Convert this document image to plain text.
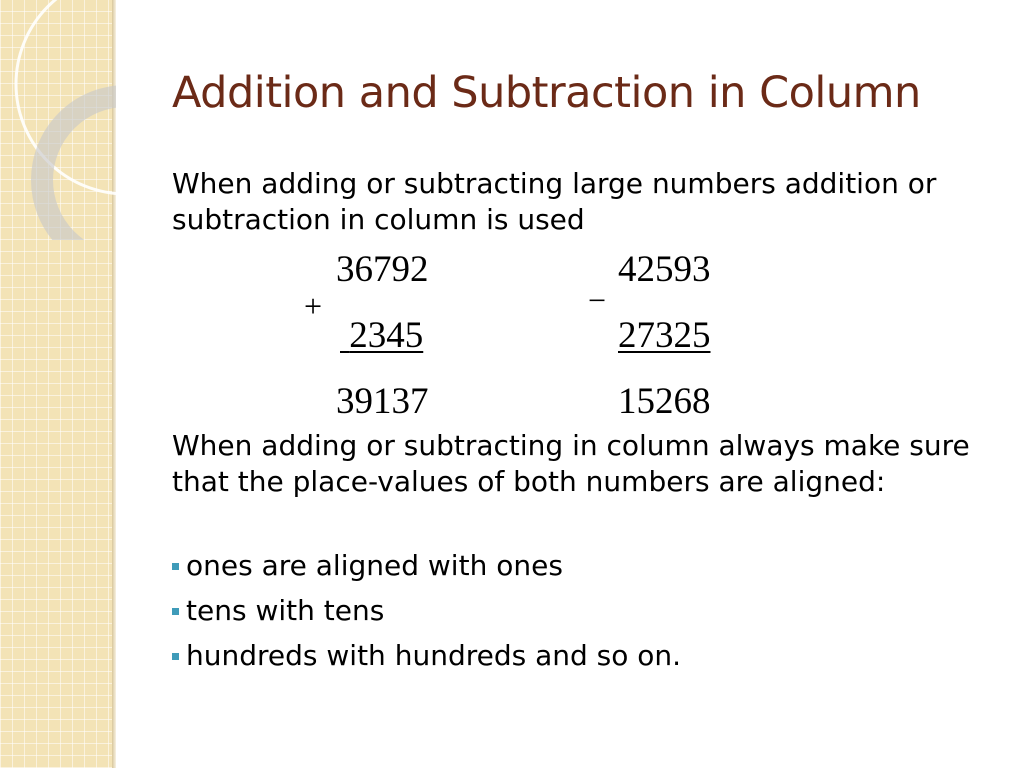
Addition and Subtraction in Column

When adding or subtracting large numbers addition or subtraction in column is used

36792
+
2345
39137
42593
−
27325
15268

When adding or subtracting in column always make sure that the place-values of both numbers are aligned:

ones are aligned with ones
tens with tens
hundreds with hundreds and so on.
